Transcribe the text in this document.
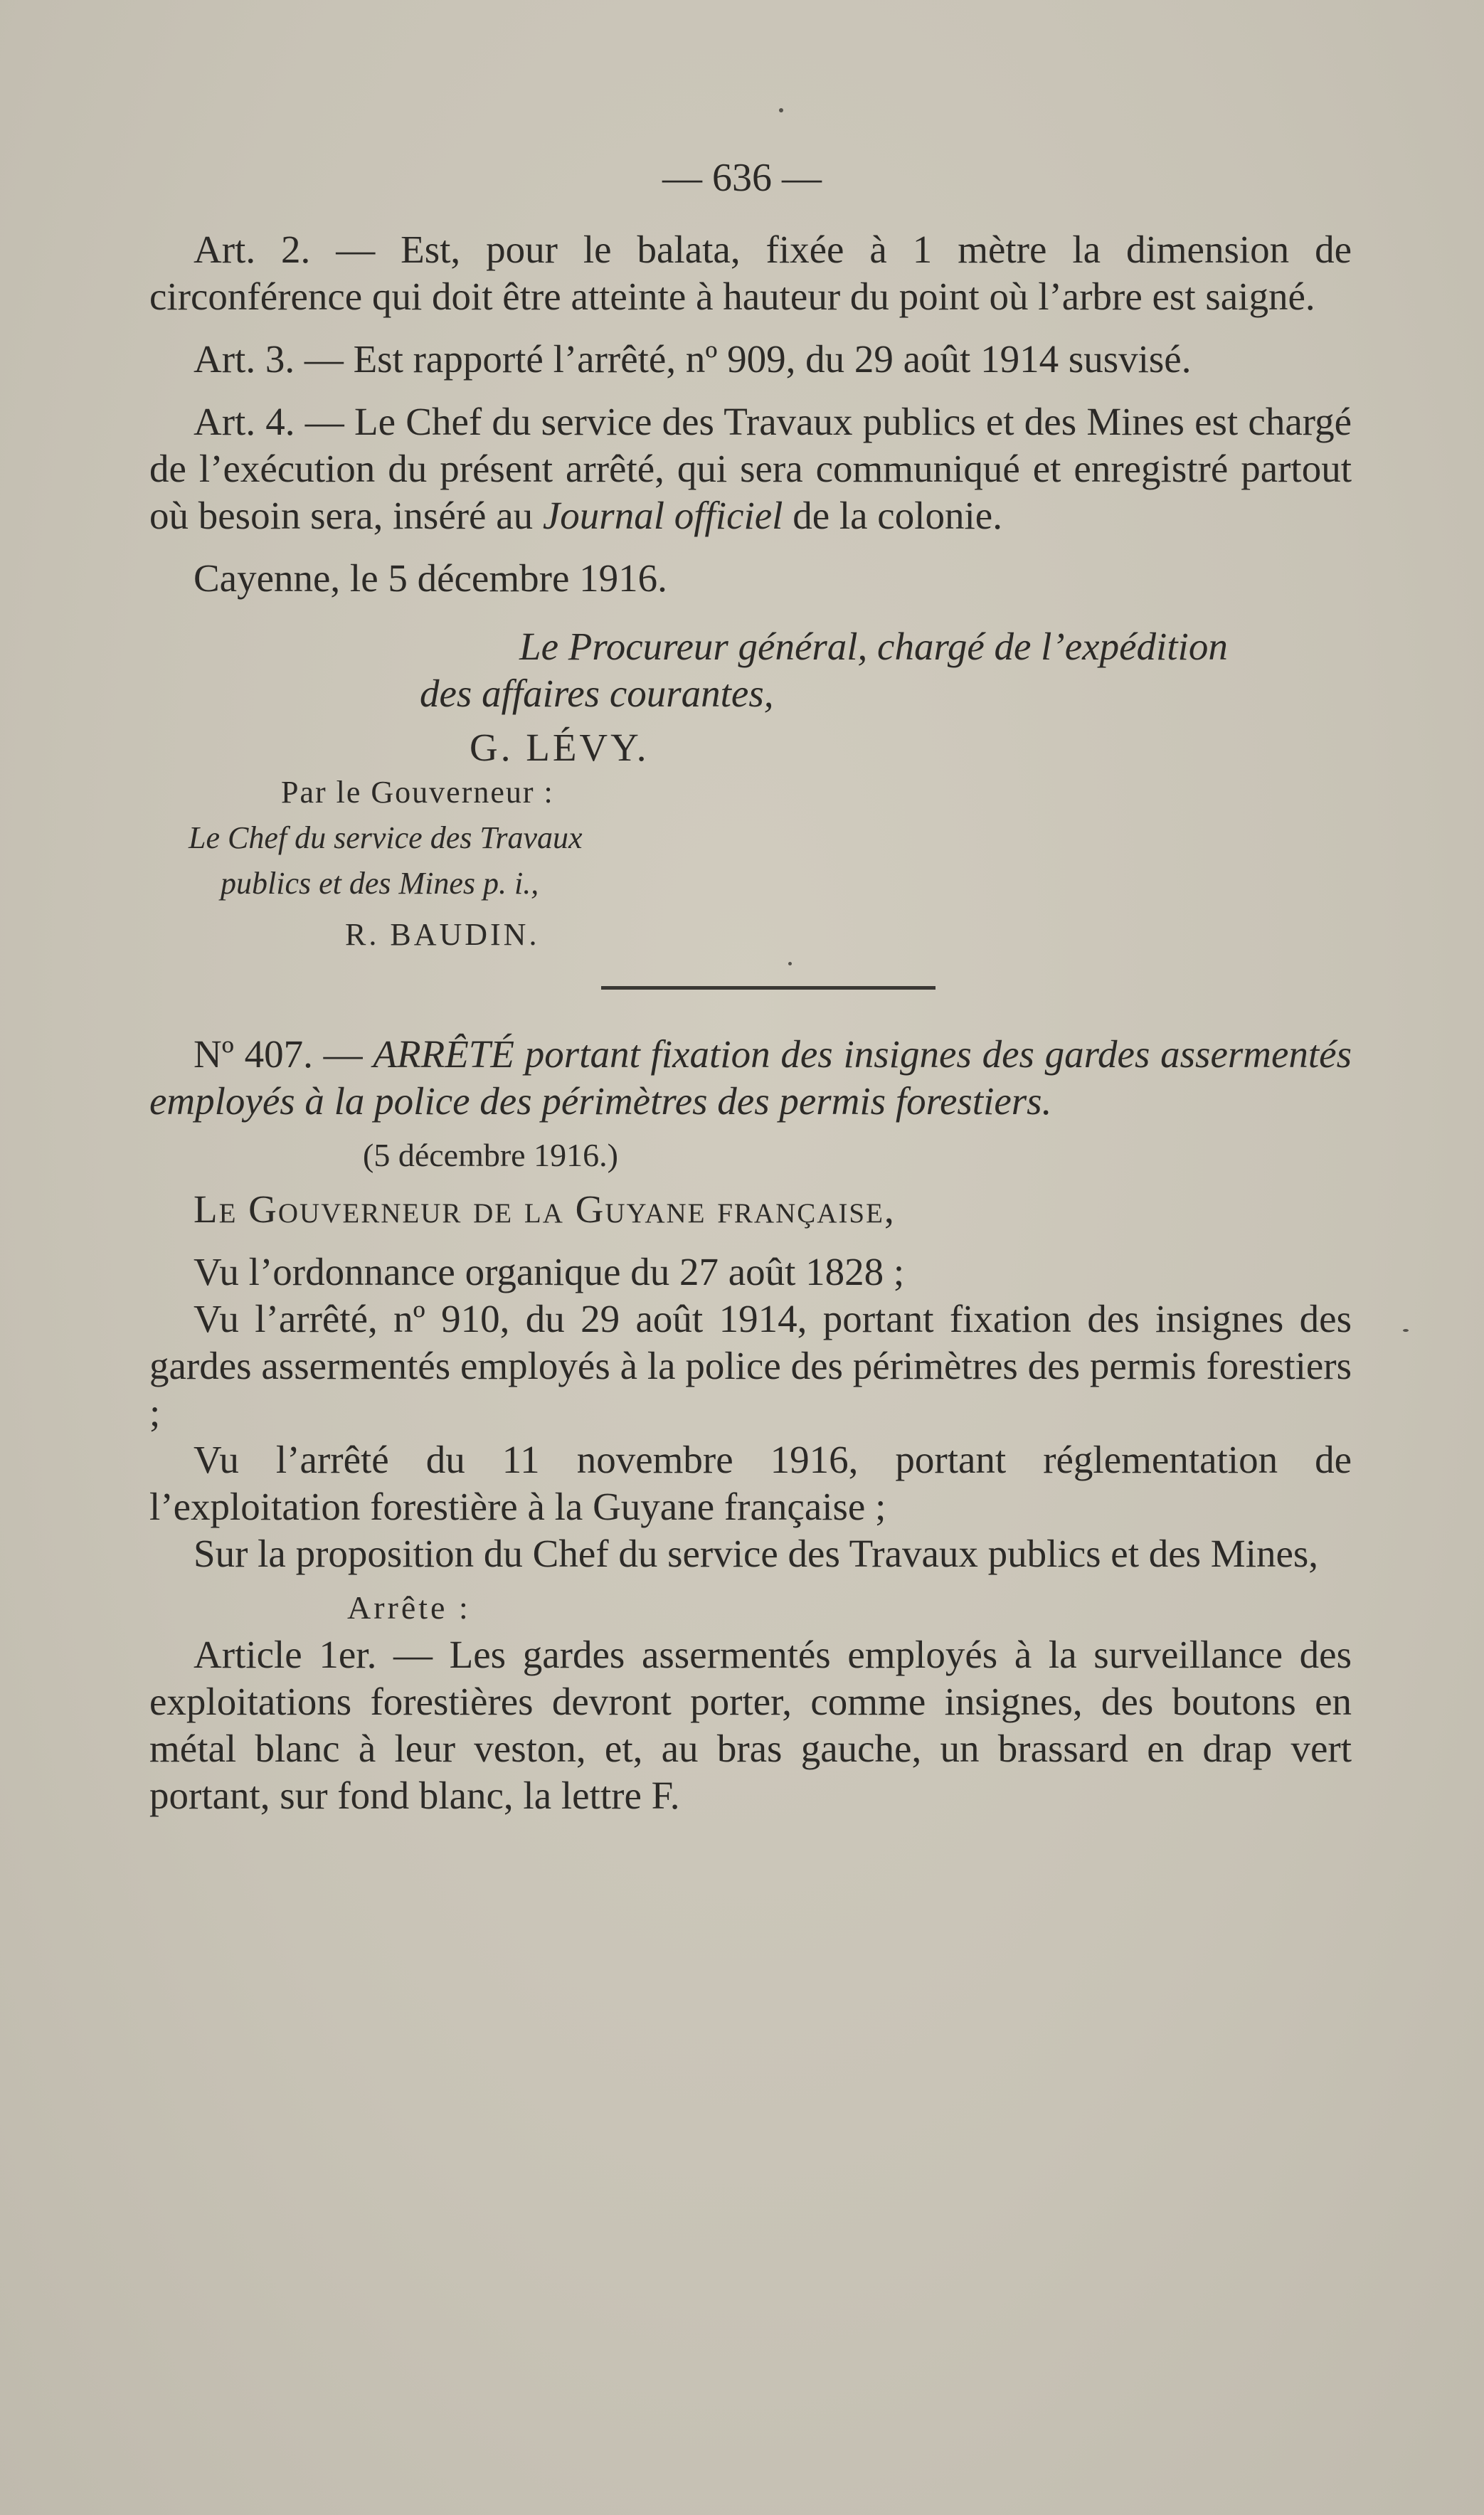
— 636 —

Art. 2. — Est, pour le balata, fixée à 1 mètre la dimension de circonférence qui doit être atteinte à hauteur du point où l’arbre est saigné.

Art. 3. — Est rapporté l’arrêté, nº 909, du 29 août 1914 susvisé.

Art. 4. — Le Chef du service des Travaux publics et des Mines est chargé de l’exécution du présent arrêté, qui sera communiqué et enregistré partout où besoin sera, inséré au Journal officiel de la colonie.

Cayenne, le 5 décembre 1916.

Le Procureur général, chargé de l’expédition

des affaires courantes,

G. LÉVY.

Par le Gouverneur :

Le Chef du service des Travaux

publics et des Mines p. i.,

R. BAUDIN.

Nº 407. — ARRÊTÉ portant fixation des insignes des gardes assermentés employés à la police des périmètres des permis forestiers.

(5 décembre 1916.)

Le Gouverneur de la Guyane française,

Vu l’ordonnance organique du 27 août 1828 ;

Vu l’arrêté, nº 910, du 29 août 1914, portant fixation des insignes des gardes assermentés employés à la police des périmètres des permis forestiers ;

Vu l’arrêté du 11 novembre 1916, portant réglementation de l’exploitation forestière à la Guyane française ;

Sur la proposition du Chef du service des Travaux publics et des Mines,

Arrête :

Article 1er. — Les gardes assermentés employés à la surveillance des exploitations forestières devront porter, comme insignes, des boutons en métal blanc à leur veston, et, au bras gauche, un brassard en drap vert portant, sur fond blanc, la lettre F.
